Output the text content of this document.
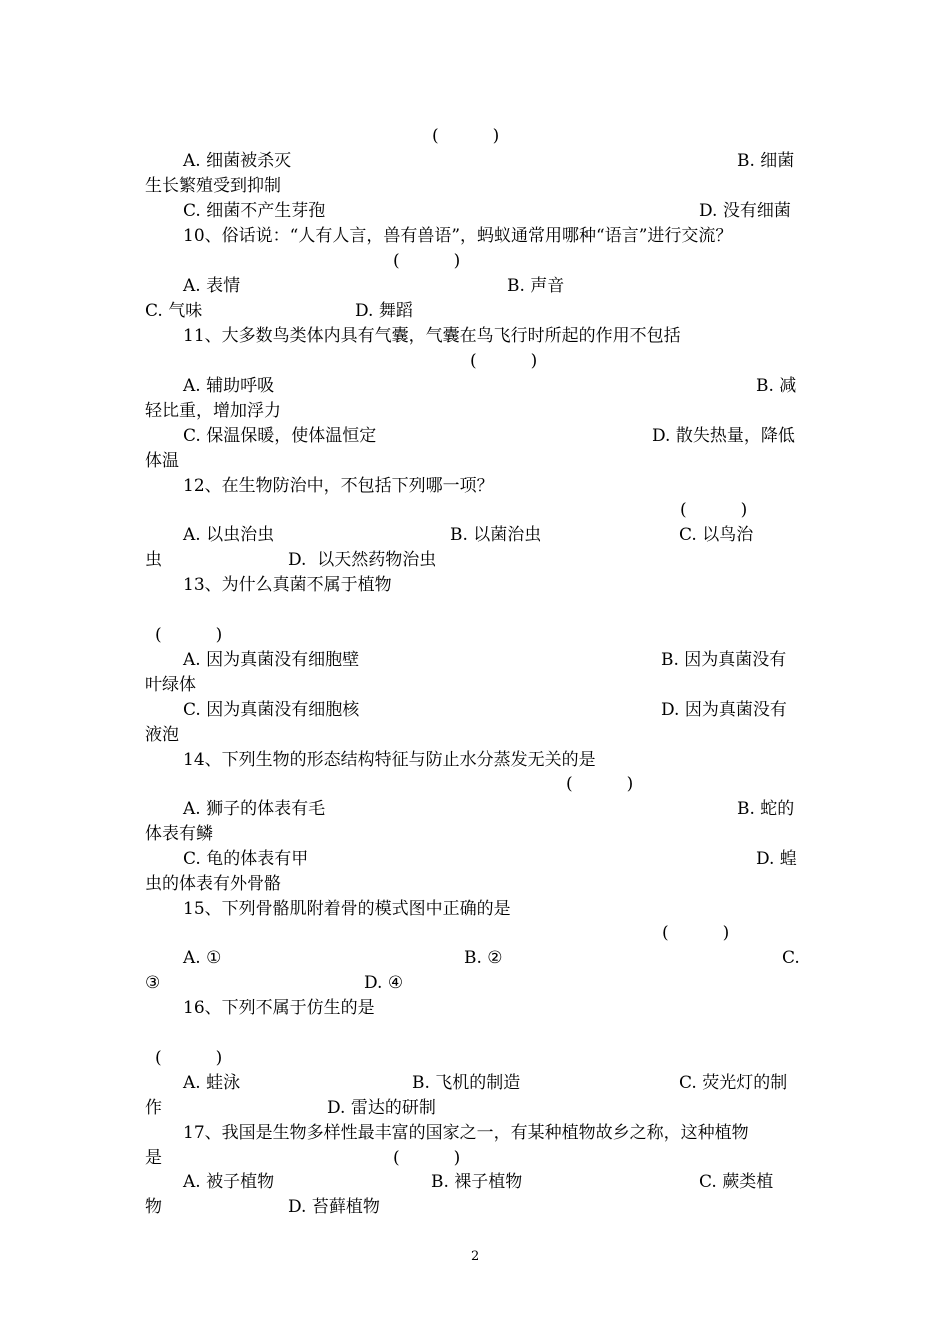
(          )
A. 细菌被杀灭	B. 细菌
生长繁殖受到抑制
C. 细菌不产生芽孢	D. 没有细菌
10、俗话说：“人有人言，兽有兽语”，蚂蚁通常用哪种“语言”进行交流？
(          )
A. 表情	B. 声音
C. 气味	D. 舞蹈
11、大多数鸟类体内具有气囊，气囊在鸟飞行时所起的作用不包括
(          )
A. 辅助呼吸	B. 减
轻比重，增加浮力
C. 保温保暖，使体温恒定	D. 散失热量，降低
体温
12、在生物防治中，不包括下列哪一项？
(          )
A. 以虫治虫	B. 以菌治虫	C. 以鸟治
虫	D.  以天然药物治虫
13、为什么真菌不属于植物
(          )
A. 因为真菌没有细胞壁	B. 因为真菌没有
叶绿体
C. 因为真菌没有细胞核	D. 因为真菌没有
液泡
14、下列生物的形态结构特征与防止水分蒸发无关的是
(          )
A. 狮子的体表有毛	B. 蛇的
体表有鳞
C. 龟的体表有甲	D. 蝗
虫的体表有外骨骼
15、下列骨骼肌附着骨的模式图中正确的是
(          )
A. ①	B. ②	C.
③	D. ④
16、下列不属于仿生的是
(          )
A. 蛙泳	B. 飞机的制造	C. 荧光灯的制
作	D. 雷达的研制
17、我国是生物多样性最丰富的国家之一，有某种植物故乡之称，这种植物
是	(          )
A. 被子植物	B. 裸子植物	C. 蕨类植
物	D. 苔藓植物
2
